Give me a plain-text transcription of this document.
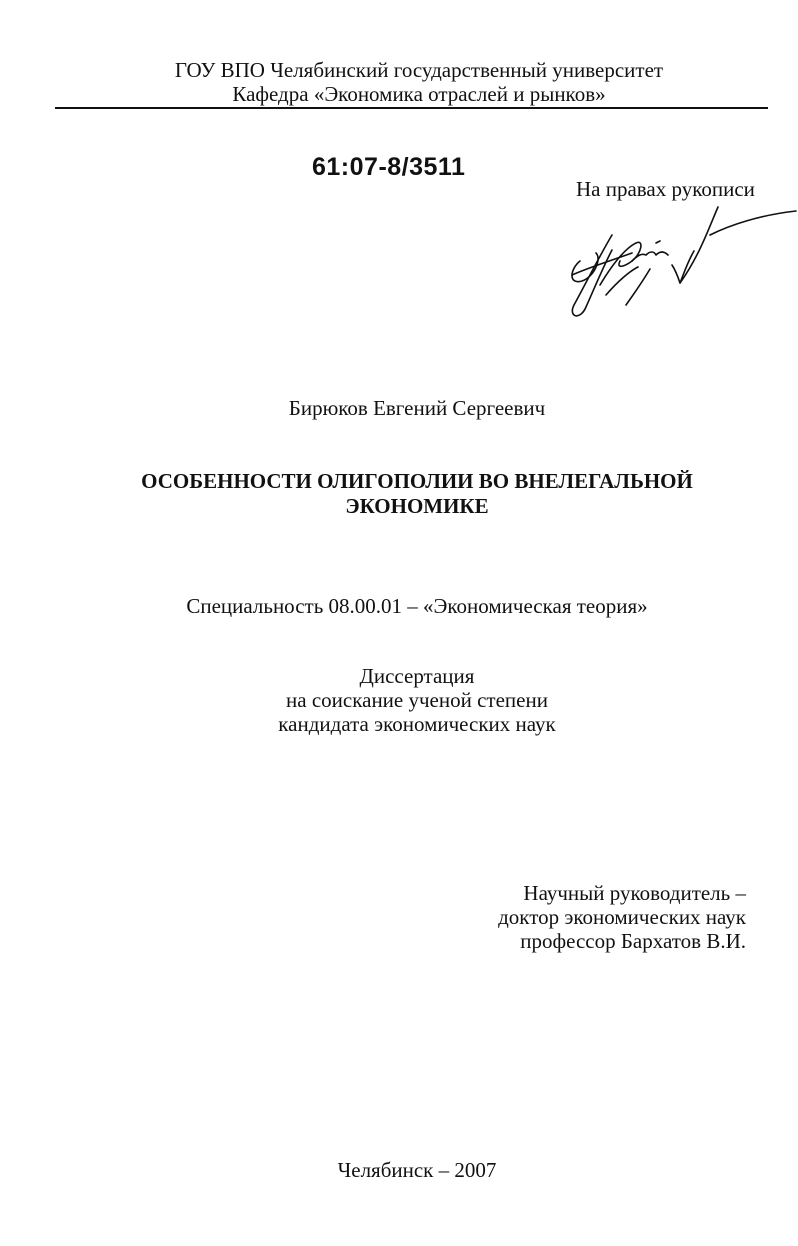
ГОУ ВПО Челябинский государственный университет
Кафедра «Экономика отраслей и рынков»
61:07-8/3511
На правах рукописи
Бирюков Евгений Сергеевич
ОСОБЕННОСТИ ОЛИГОПОЛИИ ВО ВНЕЛЕГАЛЬНОЙ
ЭКОНОМИКЕ
Специальность 08.00.01 – «Экономическая теория»
Диссертация
на соискание ученой степени
кандидата экономических наук
Научный руководитель –
доктор экономических наук
профессор Бархатов В.И.
Челябинск – 2007
